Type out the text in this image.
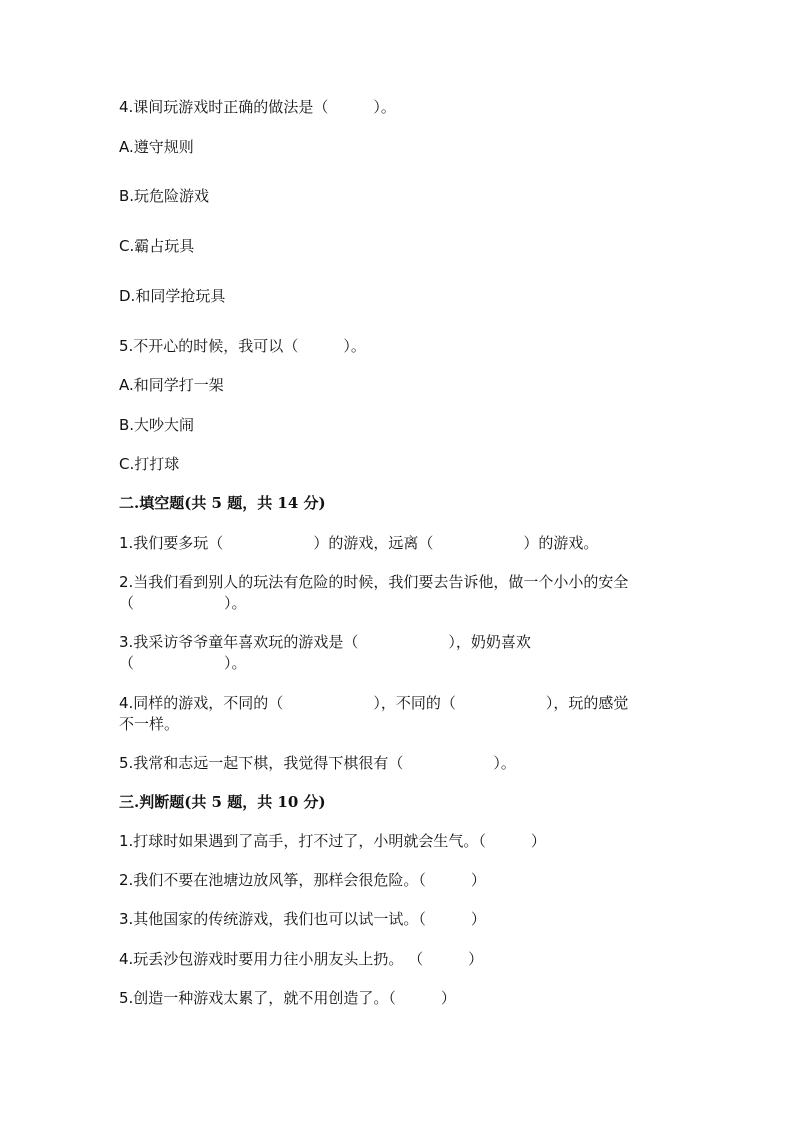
4.课间玩游戏时正确的做法是（　　　）。
A.遵守规则
B.玩危险游戏
C.霸占玩具
D.和同学抢玩具
5.不开心的时候，我可以（　　　）。
A.和同学打一架
B.大吵大闹
C.打打球
二.填空题(共 5 题，共 14 分)
1.我们要多玩（　　　　　　）的游戏，远离（　　　　　　）的游戏。
2.当我们看到别人的玩法有危险的时候，我们要去告诉他，做一个小小的安全
（　　　　　　）。
3.我采访爷爷童年喜欢玩的游戏是（　　　　　　），奶奶喜欢
（　　　　　　）。
4.同样的游戏，不同的（　　　　　　），不同的（　　　　　　），玩的感觉
不一样。
5.我常和志远一起下棋，我觉得下棋很有（　　　　　　）。
三.判断题(共 5 题，共 10 分)
1.打球时如果遇到了高手，打不过了，小明就会生气。（　　　）
2.我们不要在池塘边放风筝，那样会很危险。（　　　）
3.其他国家的传统游戏，我们也可以试一试。（　　　）
4.玩丢沙包游戏时要用力往小朋友头上扔。 （　　　）
5.创造一种游戏太累了，就不用创造了。（　　　）
